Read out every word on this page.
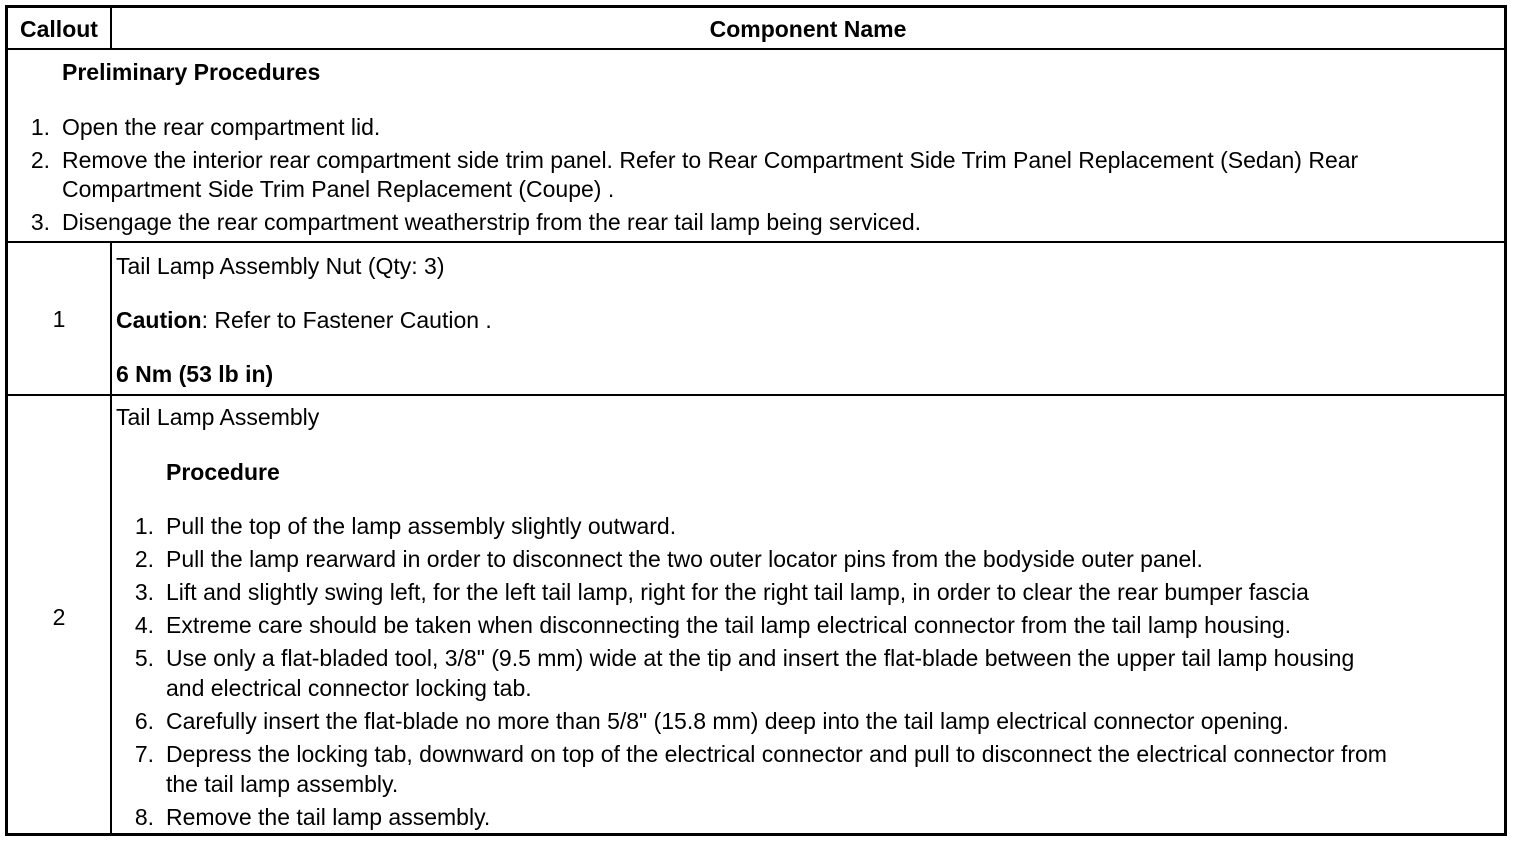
Callout	Component Name
Preliminary Procedures
1. Open the rear compartment lid.
2. Remove the interior rear compartment side trim panel. Refer to Rear Compartment Side Trim Panel Replacement (Sedan) Rear
Compartment Side Trim Panel Replacement (Coupe) .
3. Disengage the rear compartment weatherstrip from the rear tail lamp being serviced.
1
Tail Lamp Assembly Nut (Qty: 3)
Caution: Refer to Fastener Caution .
6 Nm (53 lb in)
2
Tail Lamp Assembly
Procedure
1. Pull the top of the lamp assembly slightly outward.
2. Pull the lamp rearward in order to disconnect the two outer locator pins from the bodyside outer panel.
3. Lift and slightly swing left, for the left tail lamp, right for the right tail lamp, in order to clear the rear bumper fascia
4. Extreme care should be taken when disconnecting the tail lamp electrical connector from the tail lamp housing.
5. Use only a flat-bladed tool, 3/8" (9.5 mm) wide at the tip and insert the flat-blade between the upper tail lamp housing
and electrical connector locking tab.
6. Carefully insert the flat-blade no more than 5/8" (15.8 mm) deep into the tail lamp electrical connector opening.
7. Depress the locking tab, downward on top of the electrical connector and pull to disconnect the electrical connector from
the tail lamp assembly.
8. Remove the tail lamp assembly.
